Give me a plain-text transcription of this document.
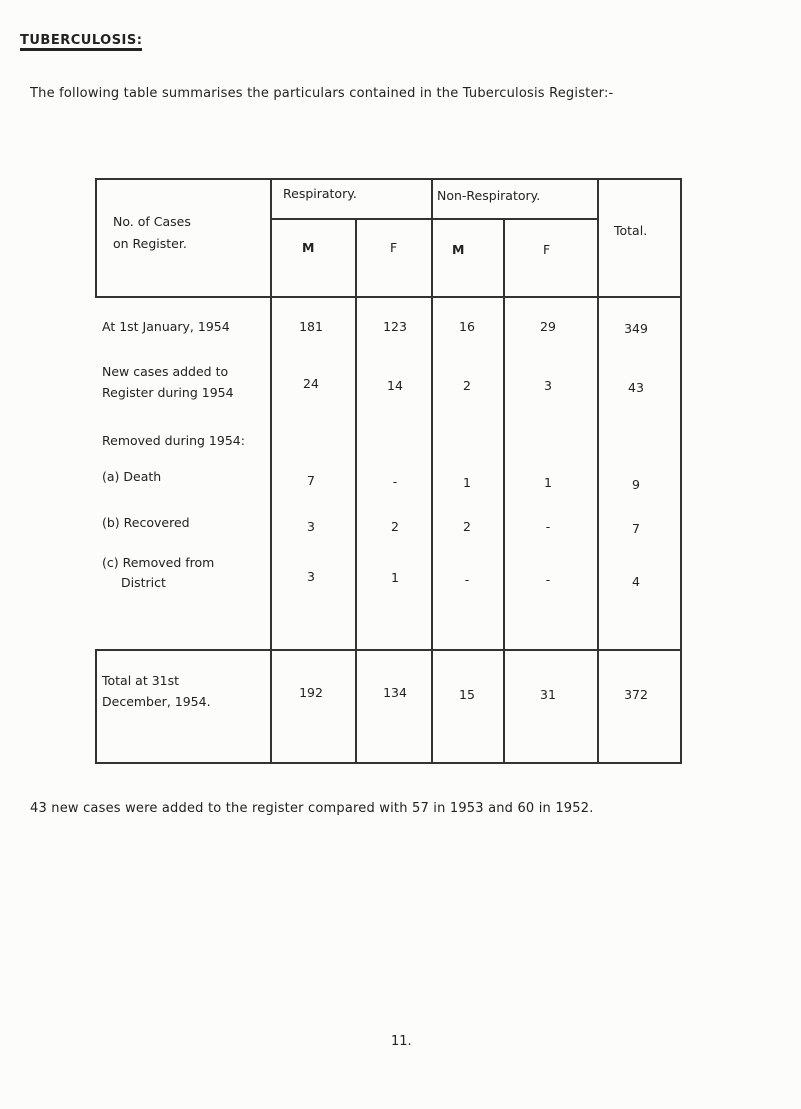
TUBERCULOSIS:
The following table summarises the particulars contained in the Tuberculosis Register:-
No. of Cases
on Register.
Respiratory.	Non-Respiratory.
Total.
M	F	M	F
At 1st January, 1954	181	123	16	29	349
New cases added to
Register during 1954
24	14	2	3	43
Removed during 1954:
(a) Death	7	-	1	1	9
(b) Recovered	3	2	2	-	7
(c) Removed from
District	3	1	-	-	4
Total at 31st
December, 1954.
192	134	15	31	372
43 new cases were added to the register compared with 57 in 1953 and 60 in 1952.
11.
